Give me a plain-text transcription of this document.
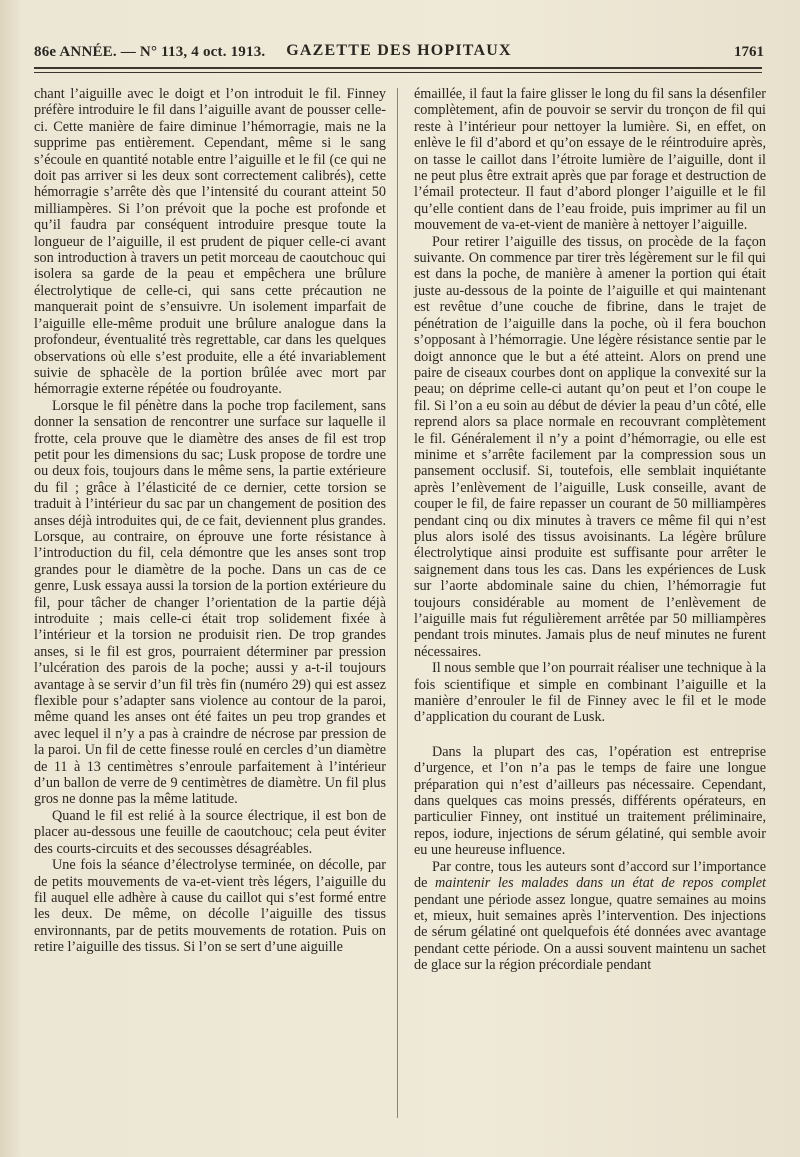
86e ANNÉE. — N° 113, 4 oct. 1913.	GAZETTE DES HOPITAUX	1761

chant l’aiguille avec le doigt et l’on introduit le fil. Finney préfère introduire le fil dans l’aiguille avant de pousser celle-ci. Cette manière de faire diminue l’hémorragie, mais ne la supprime pas entièrement. Cependant, même si le sang s’écoule en quantité notable entre l’aiguille et le fil (ce qui ne doit pas arriver si les deux sont correctement calibrés), cette hémorragie s’arrête dès que l’intensité du courant atteint 50 milliampères. Si l’on prévoit que la poche est profonde et qu’il faudra par conséquent introduire presque toute la longueur de l’aiguille, il est prudent de piquer celle-ci avant son introduction à travers un petit morceau de caoutchouc qui isolera sa garde de la peau et empêchera une brûlure électrolytique de celle-ci, qui sans cette précaution ne manquerait point de s’ensuivre. Un isolement imparfait de l’aiguille elle-même produit une brûlure analogue dans la profondeur, éventualité très regrettable, car dans les quelques observations où elle s’est produite, elle a été invariablement suivie de sphacèle de la portion brûlée avec mort par hémorragie externe répétée ou foudroyante.

Lorsque le fil pénètre dans la poche trop facilement, sans donner la sensation de rencontrer une surface sur laquelle il frotte, cela prouve que le diamètre des anses de fil est trop petit pour les dimensions du sac; Lusk propose de tordre une ou deux fois, toujours dans le même sens, la partie extérieure du fil ; grâce à l’élasticité de ce dernier, cette torsion se traduit à l’intérieur du sac par un changement de position des anses déjà introduites qui, de ce fait, deviennent plus grandes. Lorsque, au contraire, on éprouve une forte résistance à l’introduction du fil, cela démontre que les anses sont trop grandes pour le diamètre de la poche. Dans un cas de ce genre, Lusk essaya aussi la torsion de la portion extérieure du fil, pour tâcher de changer l’orientation de la partie déjà introduite ; mais celle-ci était trop solidement fixée à l’intérieur et la torsion ne produisit rien. De trop grandes anses, si le fil est gros, pourraient déterminer par pression l’ulcération des parois de la poche; aussi y a-t-il toujours avantage à se servir d’un fil très fin (numéro 29) qui est assez flexible pour s’adapter sans violence au contour de la paroi, même quand les anses ont été faites un peu trop grandes et avec lequel il n’y a pas à craindre de nécrose par pression de la paroi. Un fil de cette finesse roulé en cercles d’un diamètre de 11 à 13 centimètres s’enroule parfaitement à l’intérieur d’un ballon de verre de 9 centimètres de diamètre. Un fil plus gros ne donne pas la même latitude.

Quand le fil est relié à la source électrique, il est bon de placer au-dessous une feuille de caoutchouc; cela peut éviter des courts-circuits et des secousses désagréables.

Une fois la séance d’électrolyse terminée, on décolle, par de petits mouvements de va-et-vient très légers, l’aiguille du fil auquel elle adhère à cause du caillot qui s’est formé entre les deux. De même, on décolle l’aiguille des tissus environnants, par de petits mouvements de rotation. Puis on retire l’aiguille des tissus. Si l’on se sert d’une aiguille

émaillée, il faut la faire glisser le long du fil sans la désenfiler complètement, afin de pouvoir se servir du tronçon de fil qui reste à l’intérieur pour nettoyer la lumière. Si, en effet, on enlève le fil d’abord et qu’on essaye de le réintroduire après, on tasse le caillot dans l’étroite lumière de l’aiguille, dont il ne peut plus être extrait après que par forage et destruction de l’émail protecteur. Il faut d’abord plonger l’aiguille et le fil qu’elle contient dans de l’eau froide, puis imprimer au fil un mouvement de va-et-vient de manière à nettoyer l’aiguille.

Pour retirer l’aiguille des tissus, on procède de la façon suivante. On commence par tirer très légèrement sur le fil qui est dans la poche, de manière à amener la portion qui était juste au-dessous de la pointe de l’aiguille et qui maintenant est revêtue d’une couche de fibrine, dans le trajet de pénétration de l’aiguille dans la poche, où il fera bouchon s’opposant à l’hémorragie. Une légère résistance sentie par le doigt annonce que le but a été atteint. Alors on prend une paire de ciseaux courbes dont on applique la convexité sur la peau; on déprime celle-ci autant qu’on peut et l’on coupe le fil. Si l’on a eu soin au début de dévier la peau d’un côté, elle reprend alors sa place normale en recouvrant complètement le fil. Généralement il n’y a point d’hémorragie, ou elle est minime et s’arrête facilement par la compression sous un pansement occlusif. Si, toutefois, elle semblait inquiétante après l’enlèvement de l’aiguille, Lusk conseille, avant de couper le fil, de faire repasser un courant de 50 milliampères pendant cinq ou dix minutes à travers ce même fil qui n’est plus alors isolé des tissus avoisinants. La légère brûlure électrolytique ainsi produite est suffisante pour arrêter le saignement dans tous les cas. Dans les expériences de Lusk sur l’aorte abdominale saine du chien, l’hémorragie fut toujours considérable au moment de l’enlèvement de l’aiguille mais fut régulièrement arrêtée par 50 milliampères pendant trois minutes. Jamais plus de neuf minutes ne furent nécessaires.

Il nous semble que l’on pourrait réaliser une technique à la fois scientifique et simple en combinant l’aiguille et la manière d’enrouler le fil de Finney avec le fil et le mode d’application du courant de Lusk.

Dans la plupart des cas, l’opération est entreprise d’urgence, et l’on n’a pas le temps de faire une longue préparation qui n’est d’ailleurs pas nécessaire. Cependant, dans quelques cas moins pressés, différents opérateurs, en particulier Finney, ont institué un traitement préliminaire, repos, iodure, injections de sérum gélatiné, qui semble avoir eu une heureuse influence.

Par contre, tous les auteurs sont d’accord sur l’importance de maintenir les malades dans un état de repos complet pendant une période assez longue, quatre semaines au moins et, mieux, huit semaines après l’intervention. Des injections de sérum gélatiné ont quelquefois été données avec avantage pendant cette période. On a aussi souvent maintenu un sachet de glace sur la région précordiale pendant
